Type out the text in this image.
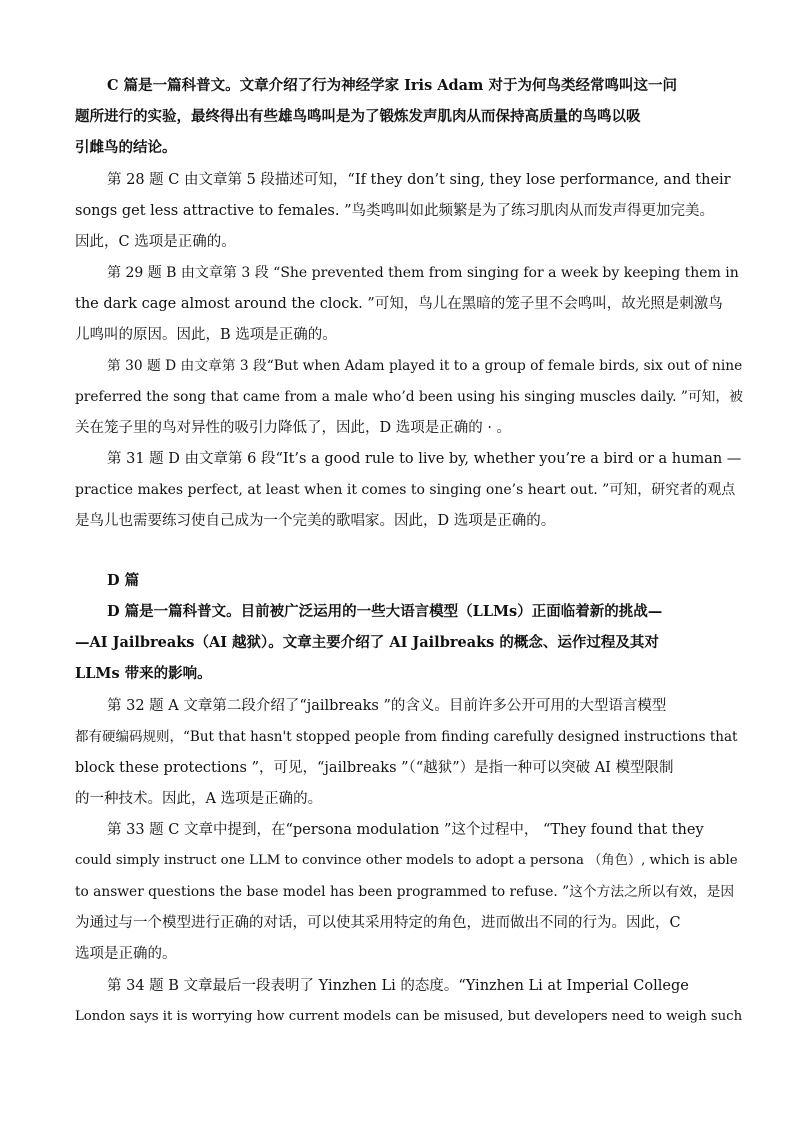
C 篇是一篇科普文。文章介绍了行为神经学家 Iris Adam 对于为何鸟类经常鸣叫这一问
题所进行的实验，最终得出有些雄鸟鸣叫是为了锻炼发声肌肉从而保持高质量的鸟鸣以吸
引雌鸟的结论。
第 28 题 C 由文章第 5 段描述可知，“If they don’t sing, they lose performance, and their
songs get less attractive to females. ”鸟类鸣叫如此频繁是为了练习肌肉从而发声得更加完美。
因此，C 选项是正确的。
第 29 题 B 由文章第 3 段 “She prevented them from singing for a week by keeping them in
the dark cage almost around the clock. ”可知，鸟儿在黑暗的笼子里不会鸣叫，故光照是刺激鸟
儿鸣叫的原因。因此，B 选项是正确的。
第 30 题 D 由文章第 3 段“But when Adam played it to a group of female birds, six out of nine
preferred the song that came from a male who’d been using his singing muscles daily. ”可知，被
关在笼子里的鸟对异性的吸引力降低了，因此，D 选项是正确的 · 。
第 31 题 D 由文章第 6 段“It’s a good rule to live by, whether you’re a bird or a human —
practice makes perfect, at least when it comes to singing one’s heart out. ”可知，研究者的观点
是鸟儿也需要练习使自己成为一个完美的歌唱家。因此，D 选项是正确的。
D 篇
D 篇是一篇科普文。目前被广泛运用的一些大语言模型（LLMs）正面临着新的挑战—
—AI Jailbreaks（AI 越狱）。文章主要介绍了 AI Jailbreaks 的概念、运作过程及其对
LLMs 带来的影响。
第 32 题 A 文章第二段介绍了“jailbreaks ”的含义。目前许多公开可用的大型语言模型
都有硬编码规则，“But that hasn't stopped people from finding carefully designed instructions that
block these protections ”，可见，“jailbreaks ”（“越狱”）是指一种可以突破 AI 模型限制
的一种技术。因此，A 选项是正确的。
第 33 题 C 文章中提到，在“persona modulation ”这个过程中， “They found that they
could simply instruct one LLM to convince other models to adopt a persona （角色）, which is able
to answer questions the base model has been programmed to refuse. ”这个方法之所以有效，是因
为通过与一个模型进行正确的对话，可以使其采用特定的角色，进而做出不同的行为。因此，C
选项是正确的。
第 34 题 B 文章最后一段表明了 Yinzhen Li 的态度。“Yinzhen Li at Imperial College
London says it is worrying how current models can be misused, but developers need to weigh such
